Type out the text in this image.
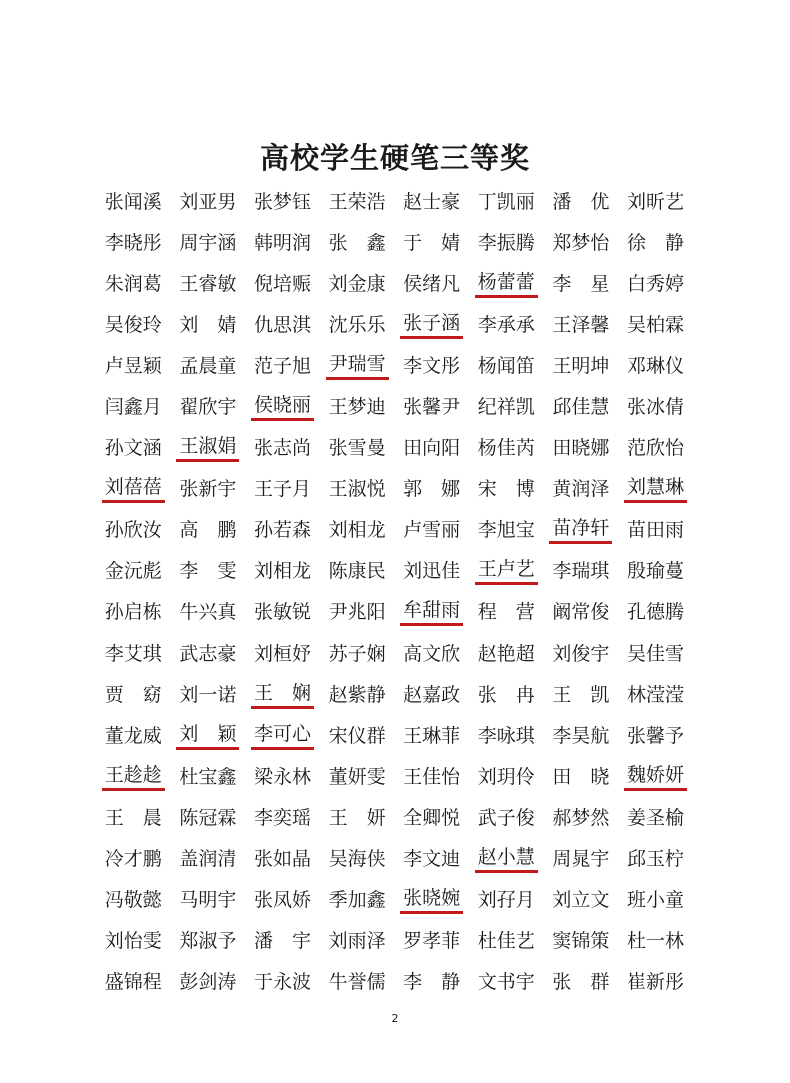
高校学生硬笔三等奖
张闻溪 刘亚男 张梦钰 王荣浩 赵士豪 丁凯丽 潘　优 刘昕艺
李晓彤 周宇涵 韩明润 张　鑫 于　婧 李振腾 郑梦怡 徐　静
朱润葛 王睿敏 倪培赈 刘金康 侯绪凡 杨蕾蕾 李　星 白秀婷
吴俊玲 刘　婧 仇思淇 沈乐乐 张子涵 李承承 王泽馨 吴柏霖
卢昱颖 孟晨童 范子旭 尹瑞雪 李文彤 杨闻笛 王明坤 邓琳仪
闫鑫月 翟欣宇 侯晓丽 王梦迪 张馨尹 纪祥凯 邱佳慧 张冰倩
孙文涵 王淑娟 张志尚 张雪曼 田向阳 杨佳芮 田晓娜 范欣怡
刘蓓蓓 张新宇 王子月 王淑悦 郭　娜 宋　博 黄润泽 刘慧琳
孙欣汝 高　鹏 孙若森 刘相龙 卢雪丽 李旭宝 苗净轩 苗田雨
金沅彪 李　雯 刘相龙 陈康民 刘迅佳 王卢艺 李瑞琪 殷瑜蔓
孙启栋 牛兴真 张敏锐 尹兆阳 牟甜雨 程　营 阚常俊 孔德腾
李艾琪 武志豪 刘桓妤 苏子娴 高文欣 赵艳超 刘俊宇 吴佳雪
贾　窈 刘一诺 王　娴 赵紫静 赵嘉政 张　冉 王　凯 林滢滢
董龙威 刘　颖 李可心 宋仪群 王琳菲 李咏琪 李昊航 张馨予
王趁趁 杜宝鑫 梁永林 董妍雯 王佳怡 刘玥伶 田　晓 魏娇妍
王　晨 陈冠霖 李奕瑶 王　妍 全卿悦 武子俊 郝梦然 姜圣榆
冷才鹏 盖润清 张如晶 吴海侠 李文迪 赵小慧 周晁宇 邱玉柠
冯敬懿 马明宇 张凤娇 季加鑫 张晓婉 刘孖月 刘立文 班小童
刘怡雯 郑淑予 潘　宇 刘雨泽 罗孝菲 杜佳艺 窦锦策 杜一林
盛锦程 彭剑涛 于永波 牛誉儒 李　静 文书宇 张　群 崔新彤
2
